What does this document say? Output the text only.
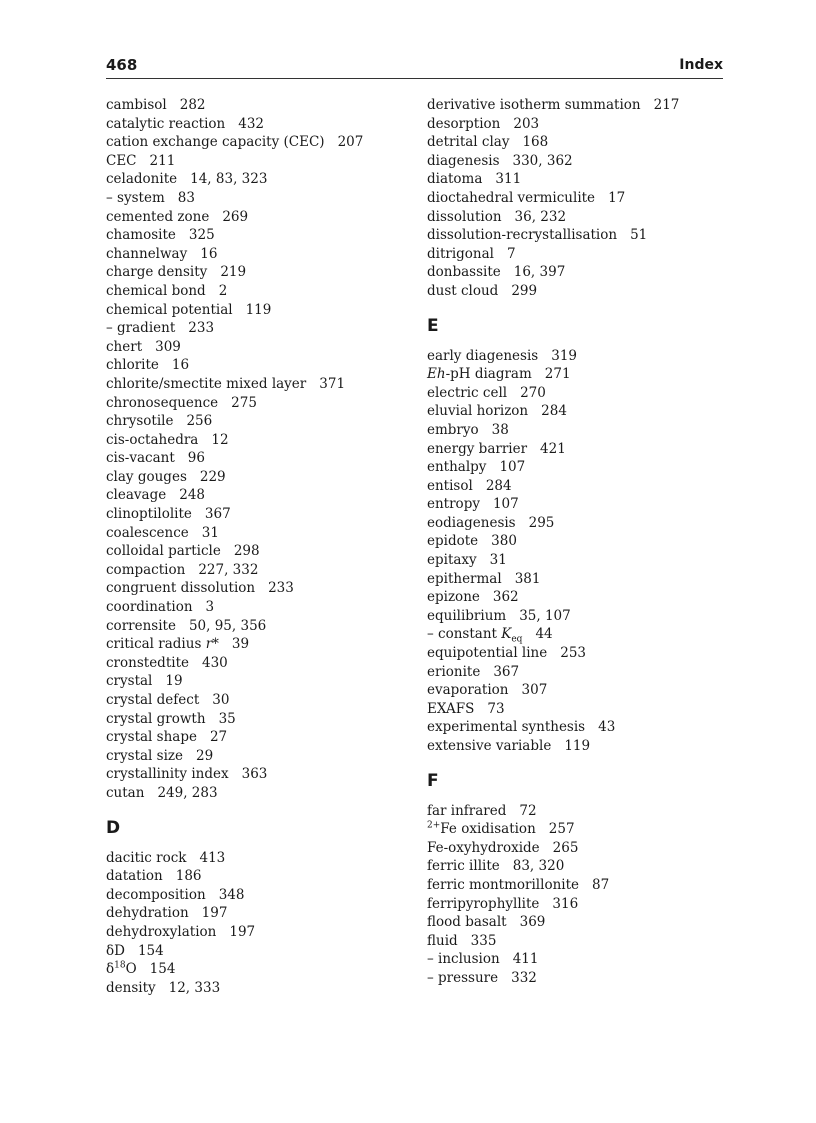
468	Index
cambisol 282
catalytic reaction 432
cation exchange capacity (CEC) 207
CEC 211
celadonite 14, 83, 323
– system 83
cemented zone 269
chamosite 325
channelway 16
charge density 219
chemical bond 2
chemical potential 119
– gradient 233
chert 309
chlorite 16
chlorite/smectite mixed layer 371
chronosequence 275
chrysotile 256
cis-octahedra 12
cis-vacant 96
clay gouges 229
cleavage 248
clinoptilolite 367
coalescence 31
colloidal particle 298
compaction 227, 332
congruent dissolution 233
coordination 3
corrensite 50, 95, 356
critical radius r* 39
cronstedtite 430
crystal 19
crystal defect 30
crystal growth 35
crystal shape 27
crystal size 29
crystallinity index 363
cutan 249, 283
D
dacitic rock 413
datation 186
decomposition 348
dehydration 197
dehydroxylation 197
δD 154
$\delta^{18}O$ 154
density 12, 333
derivative isotherm summation 217
desorption 203
detrital clay 168
diagenesis 330, 362
diatoma 311
dioctahedral vermiculite 17
dissolution 36, 232
dissolution-recrystallisation 51
ditrigonal 7
donbassite 16, 397
dust cloud 299
E
early diagenesis 319
Eh-pH diagram 271
electric cell 270
eluvial horizon 284
embryo 38
energy barrier 421
enthalpy 107
entisol 284
entropy 107
eodiagenesis 295
epidote 380
epitaxy 31
epithermal 381
epizone 362
equilibrium 35, 107
– constant $K_{eq}$ 44
equipotential line 253
erionite 367
evaporation 307
EXAFS 73
experimental synthesis 43
extensive variable 119
F
far infrared 72
$^{2+}$Fe oxidisation 257
Fe-oxyhydroxide 265
ferric illite 83, 320
ferric montmorillonite 87
ferripyrophyllite 316
flood basalt 369
fluid 335
– inclusion 411
– pressure 332
